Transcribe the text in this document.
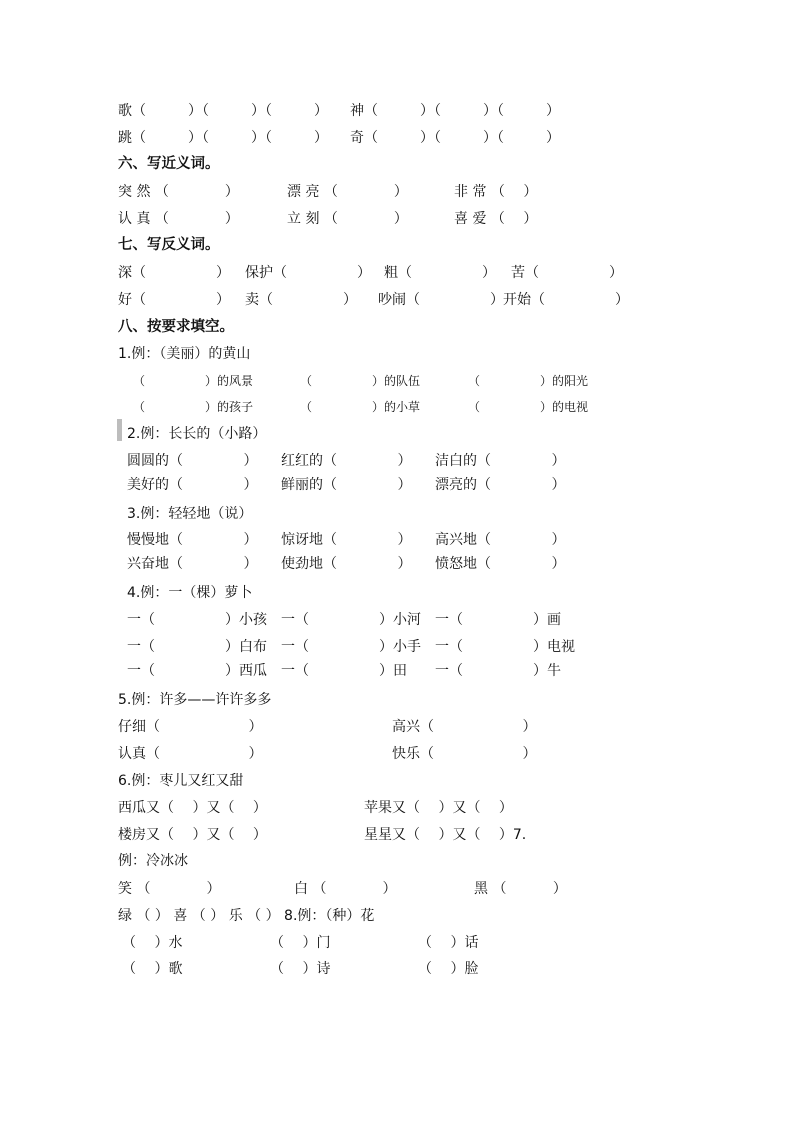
歌（　　　）（　　　）（　　　） 神（　　　）（　　　）（　　　）
跳（　　　）（　　　）（　　　） 奇（　　　）（　　　）（　　　）
六、写近义词。
突 然 （　　　　）	漂 亮 （　　　　）	非 常 （　 ）
认 真 （　　　　）	立 刻 （　　　　）	喜 爱 （　 ）
七、写反义词。
深（　　　　　） 保护（　　　　　） 粗（　　　　　） 苦（　　　　　）
好（　　　　　） 卖（　　　　　） 吵闹（　　　　　） 开始（　　　　　）
八、按要求填空。
1.例：（美丽）的黄山
（　　　　　）的风景	（　　　　　）的队伍	（　　　　　）的阳光
（　　　　　）的孩子	（　　　　　）的小草	（　　　　　）的电视
2.例：长长的（小路）
圆圆的（　　　　 ） 红红的（　　　　 ） 洁白的（　　　　 ）
美好的（　　　　 ） 鲜丽的（　　　　 ） 漂亮的（　　　　 ）
3.例：轻轻地（说）
慢慢地（　　　　 ） 惊讶地（　　　　 ） 高兴地（　　　　 ）
兴奋地（　　　　 ） 使劲地（　　　　 ） 愤怒地（　　　　 ）
4.例：一（棵）萝卜
一（　　　　　）小孩 一（　　　　　）小河 一（　　　　　）画
一（　　　　　）白布 一（　　　　　）小手 一（　　　　　）电视
一（　　　　　）西瓜 一（　　　　　）田 一（　　　　　）牛
5.例：许多——许许多多
仔细（　　　　　　 ）	高兴（　　　　　　 ）
认真（　　　　　　 ）	快乐（　　　　　　 ）
6.例：枣儿又红又甜
西瓜又（　 ）又（　 ）	苹果又（　 ）又（　 ）
楼房又（　 ）又（　 ）	星星又（　 ）又（　 ）7.
例：冷冰冰
笑 （　　　　）	白 （　　　　）	黑 （　　　 ）
绿 （ ） 喜 （ ） 乐 （ ） 8.例：（种）花
（　 ）水	（　 ）门	（　 ）话
（　 ）歌	（　 ）诗	（　 ）脸
